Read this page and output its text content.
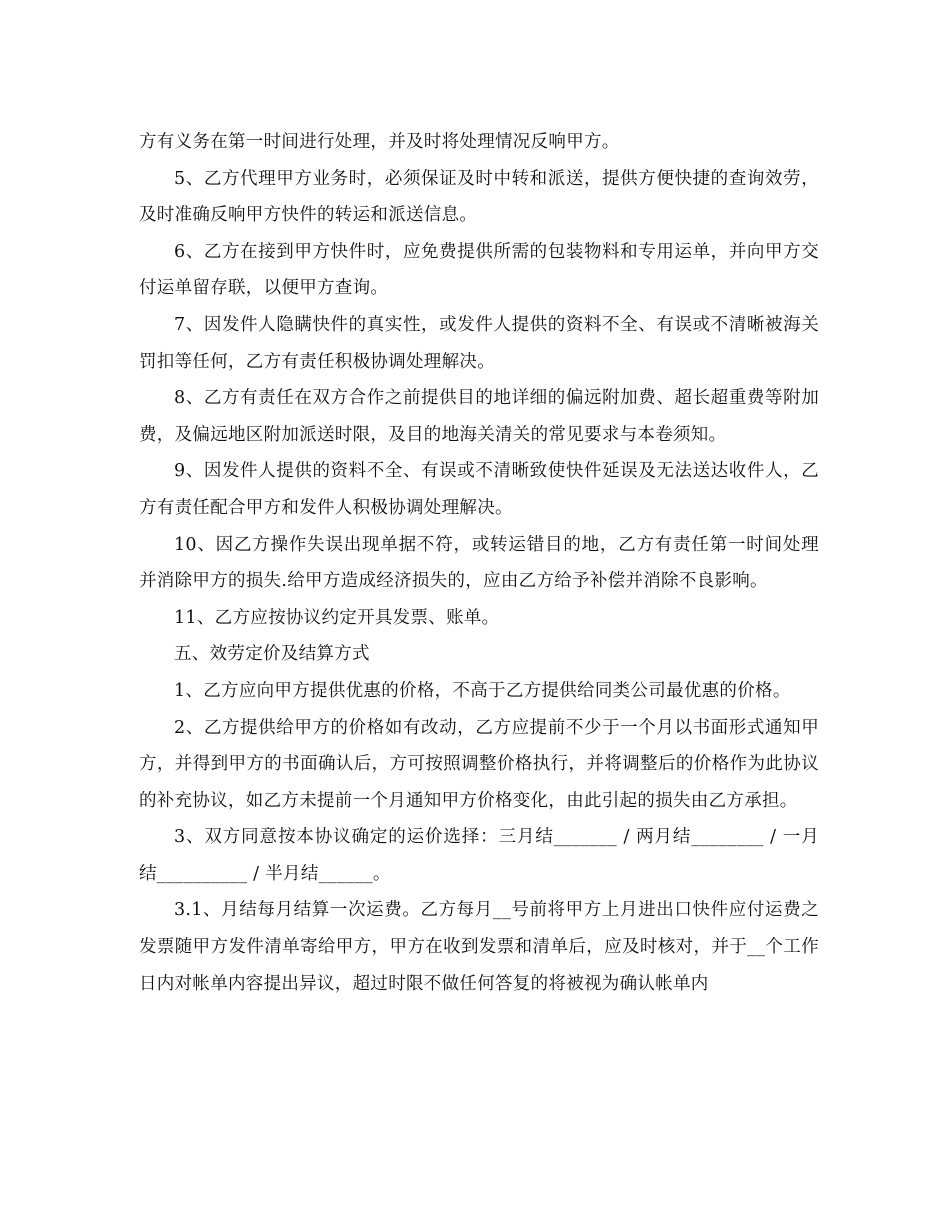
方有义务在第一时间进行处理，并及时将处理情况反响甲方。

5、乙方代理甲方业务时，必须保证及时中转和派送，提供方便快捷的查询效劳，及时准确反响甲方快件的转运和派送信息。

6、乙方在接到甲方快件时，应免费提供所需的包装物料和专用运单，并向甲方交付运单留存联，以便甲方查询。

7、因发件人隐瞒快件的真实性，或发件人提供的资料不全、有误或不清晰被海关罚扣等任何，乙方有责任积极协调处理解决。

8、乙方有责任在双方合作之前提供目的地详细的偏远附加费、超长超重费等附加费，及偏远地区附加派送时限，及目的地海关清关的常见要求与本卷须知。

9、因发件人提供的资料不全、有误或不清晰致使快件延误及无法送达收件人，乙方有责任配合甲方和发件人积极协调处理解决。

10、因乙方操作失误出现单据不符，或转运错目的地，乙方有责任第一时间处理并消除甲方的损失.给甲方造成经济损失的，应由乙方给予补偿并消除不良影响。

11、乙方应按协议约定开具发票、账单。

五、效劳定价及结算方式

1、乙方应向甲方提供优惠的价格，不高于乙方提供给同类公司最优惠的价格。

2、乙方提供给甲方的价格如有改动，乙方应提前不少于一个月以书面形式通知甲方，并得到甲方的书面确认后，方可按照调整价格执行，并将调整后的价格作为此协议的补充协议，如乙方未提前一个月通知甲方价格变化，由此引起的损失由乙方承担。

3、双方同意按本协议确定的运价选择：三月结_______ / 两月结________ / 一月结__________ / 半月结______。

3.1、月结每月结算一次运费。乙方每月__号前将甲方上月进出口快件应付运费之发票随甲方发件清单寄给甲方，甲方在收到发票和清单后，应及时核对，并于__个工作日内对帐单内容提出异议，超过时限不做任何答复的将被视为确认帐单内
